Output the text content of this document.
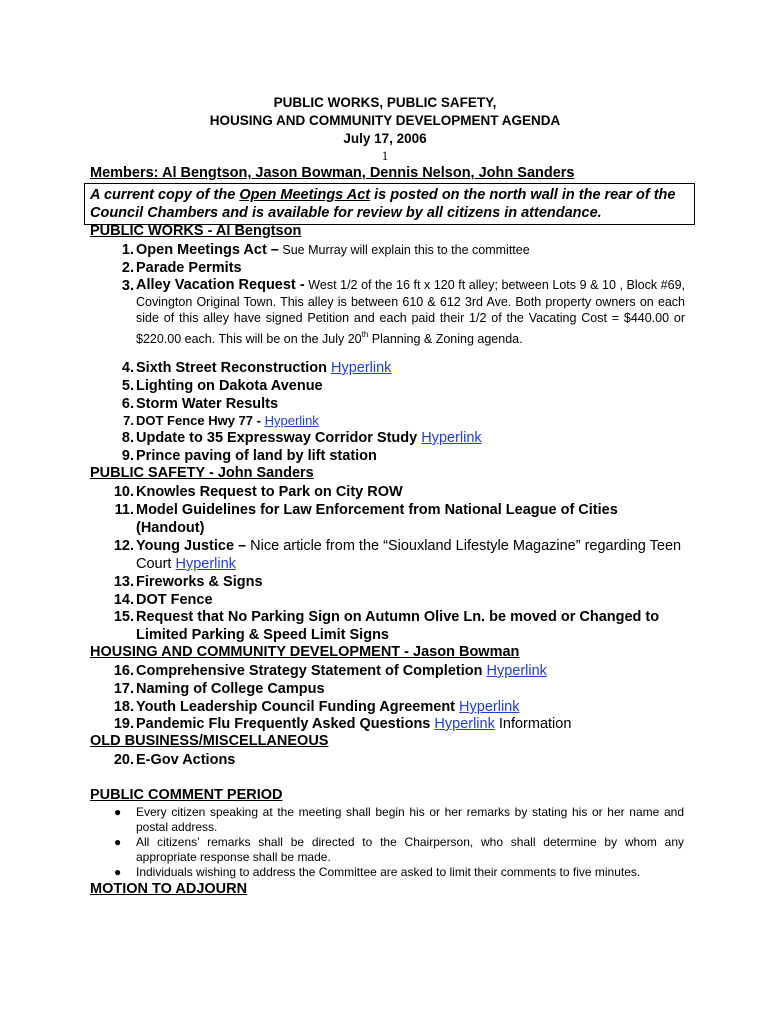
PUBLIC WORKS, PUBLIC SAFETY,
HOUSING AND COMMUNITY DEVELOPMENT AGENDA
July 17, 2006
1
Members: Al Bengtson, Jason Bowman, Dennis Nelson, John Sanders
A current copy of the Open Meetings Act is posted on the north wall in the rear of the Council Chambers and is available for review by all citizens in attendance.
PUBLIC WORKS - Al Bengtson
1. Open Meetings Act – Sue Murray will explain this to the committee
2. Parade Permits
3. Alley Vacation Request - West 1/2 of the 16 ft x 120 ft alley; between Lots 9 & 10 , Block #69, Covington Original Town. This alley is between 610 & 612 3rd Ave. Both property owners on each side of this alley have signed Petition and each paid their 1/2 of the Vacating Cost = $440.00 or $220.00 each. This will be on the July 20th Planning & Zoning agenda.
4. Sixth Street Reconstruction Hyperlink
5. Lighting on Dakota Avenue
6. Storm Water Results
7. DOT Fence Hwy 77 - Hyperlink
8. Update to 35 Expressway Corridor Study Hyperlink
9. Prince paving of land by lift station
PUBLIC SAFETY - John Sanders
10. Knowles Request to Park on City ROW
11. Model Guidelines for Law Enforcement from National League of Cities (Handout)
12. Young Justice – Nice article from the “Siouxland Lifestyle Magazine” regarding Teen Court Hyperlink
13. Fireworks & Signs
14. DOT Fence
15. Request that No Parking Sign on Autumn Olive Ln. be moved or Changed to Limited Parking & Speed Limit Signs
HOUSING AND COMMUNITY DEVELOPMENT - Jason Bowman
16. Comprehensive Strategy Statement of Completion Hyperlink
17. Naming of College Campus
18. Youth Leadership Council Funding Agreement Hyperlink
19. Pandemic Flu Frequently Asked Questions Hyperlink Information
OLD BUSINESS/MISCELLANEOUS
20. E-Gov Actions
PUBLIC COMMENT PERIOD
● Every citizen speaking at the meeting shall begin his or her remarks by stating his or her name and postal address.
● All citizens’ remarks shall be directed to the Chairperson, who shall determine by whom any appropriate response shall be made.
● Individuals wishing to address the Committee are asked to limit their comments to five minutes.
MOTION TO ADJOURN
